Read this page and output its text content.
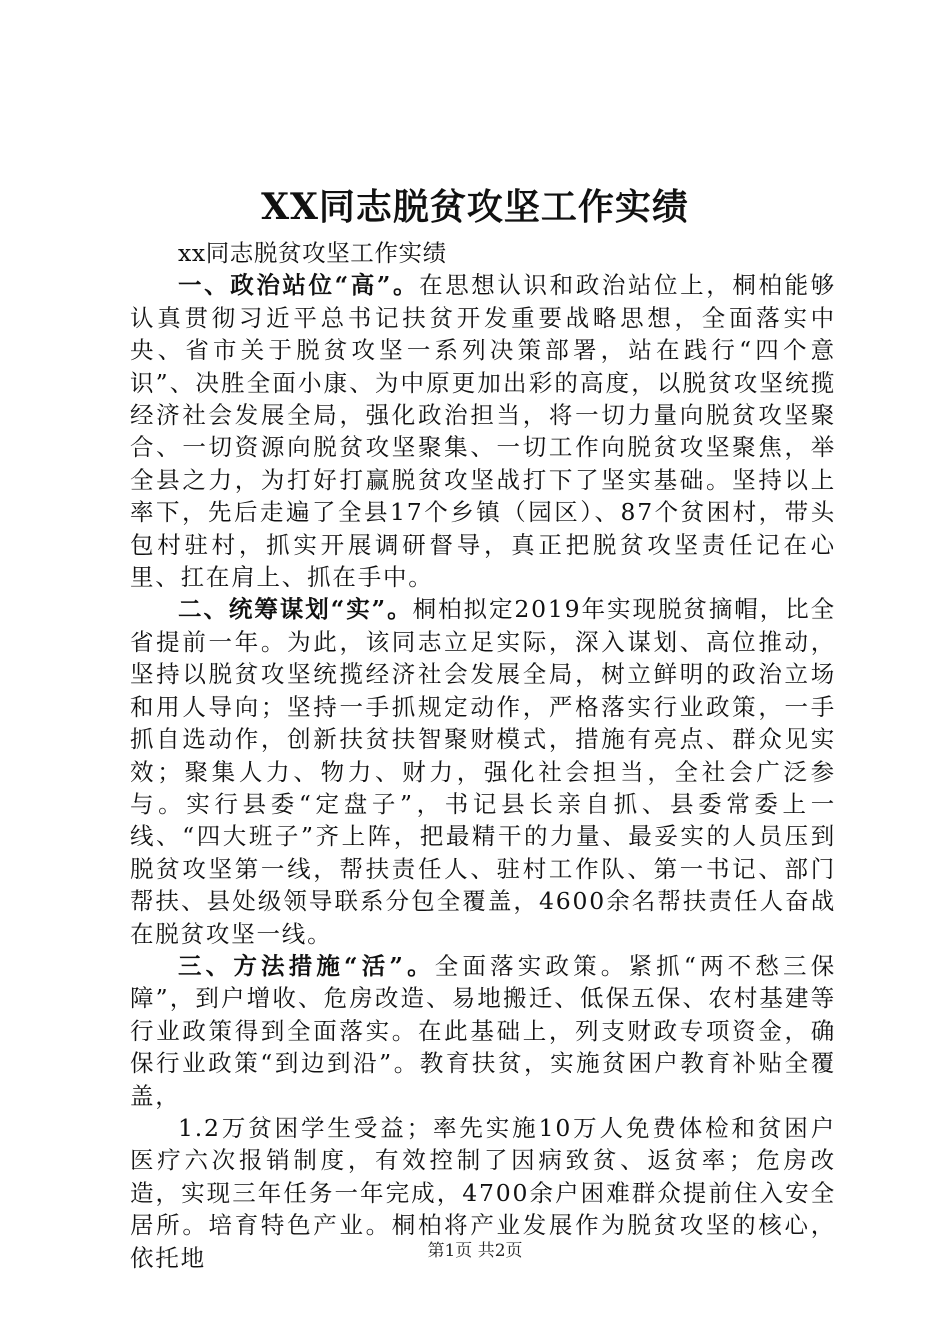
XX同志脱贫攻坚工作实绩

xx同志脱贫攻坚工作实绩

一、政治站位“高”。在思想认识和政治站位上，桐柏能够认真贯彻习近平总书记扶贫开发重要战略思想，全面落实中央、省市关于脱贫攻坚一系列决策部署，站在践行“四个意识”、决胜全面小康、为中原更加出彩的高度，以脱贫攻坚统揽经济社会发展全局，强化政治担当，将一切力量向脱贫攻坚聚合、一切资源向脱贫攻坚聚集、一切工作向脱贫攻坚聚焦，举全县之力，为打好打赢脱贫攻坚战打下了坚实基础。坚持以上率下，先后走遍了全县17个乡镇（园区）、87个贫困村，带头包村驻村，抓实开展调研督导，真正把脱贫攻坚责任记在心里、扛在肩上、抓在手中。

二、统筹谋划“实”。桐柏拟定2019年实现脱贫摘帽，比全省提前一年。为此，该同志立足实际，深入谋划、高位推动，坚持以脱贫攻坚统揽经济社会发展全局，树立鲜明的政治立场和用人导向；坚持一手抓规定动作，严格落实行业政策，一手抓自选动作，创新扶贫扶智聚财模式，措施有亮点、群众见实效；聚集人力、物力、财力，强化社会担当，全社会广泛参与。实行县委“定盘子”，书记县长亲自抓、县委常委上一线、“四大班子”齐上阵，把最精干的力量、最妥实的人员压到脱贫攻坚第一线，帮扶责任人、驻村工作队、第一书记、部门帮扶、县处级领导联系分包全覆盖，4600余名帮扶责任人奋战在脱贫攻坚一线。

三、方法措施“活”。全面落实政策。紧抓“两不愁三保障”，到户增收、危房改造、易地搬迁、低保五保、农村基建等行业政策得到全面落实。在此基础上，列支财政专项资金，确保行业政策“到边到沿”。教育扶贫，实施贫困户教育补贴全覆盖，

1.2万贫困学生受益；率先实施10万人免费体检和贫困户医疗六次报销制度，有效控制了因病致贫、返贫率；危房改造，实现三年任务一年完成，4700余户困难群众提前住入安全居所。培育特色产业。桐柏将产业发展作为脱贫攻坚的核心，依托地	第1页 共2页
